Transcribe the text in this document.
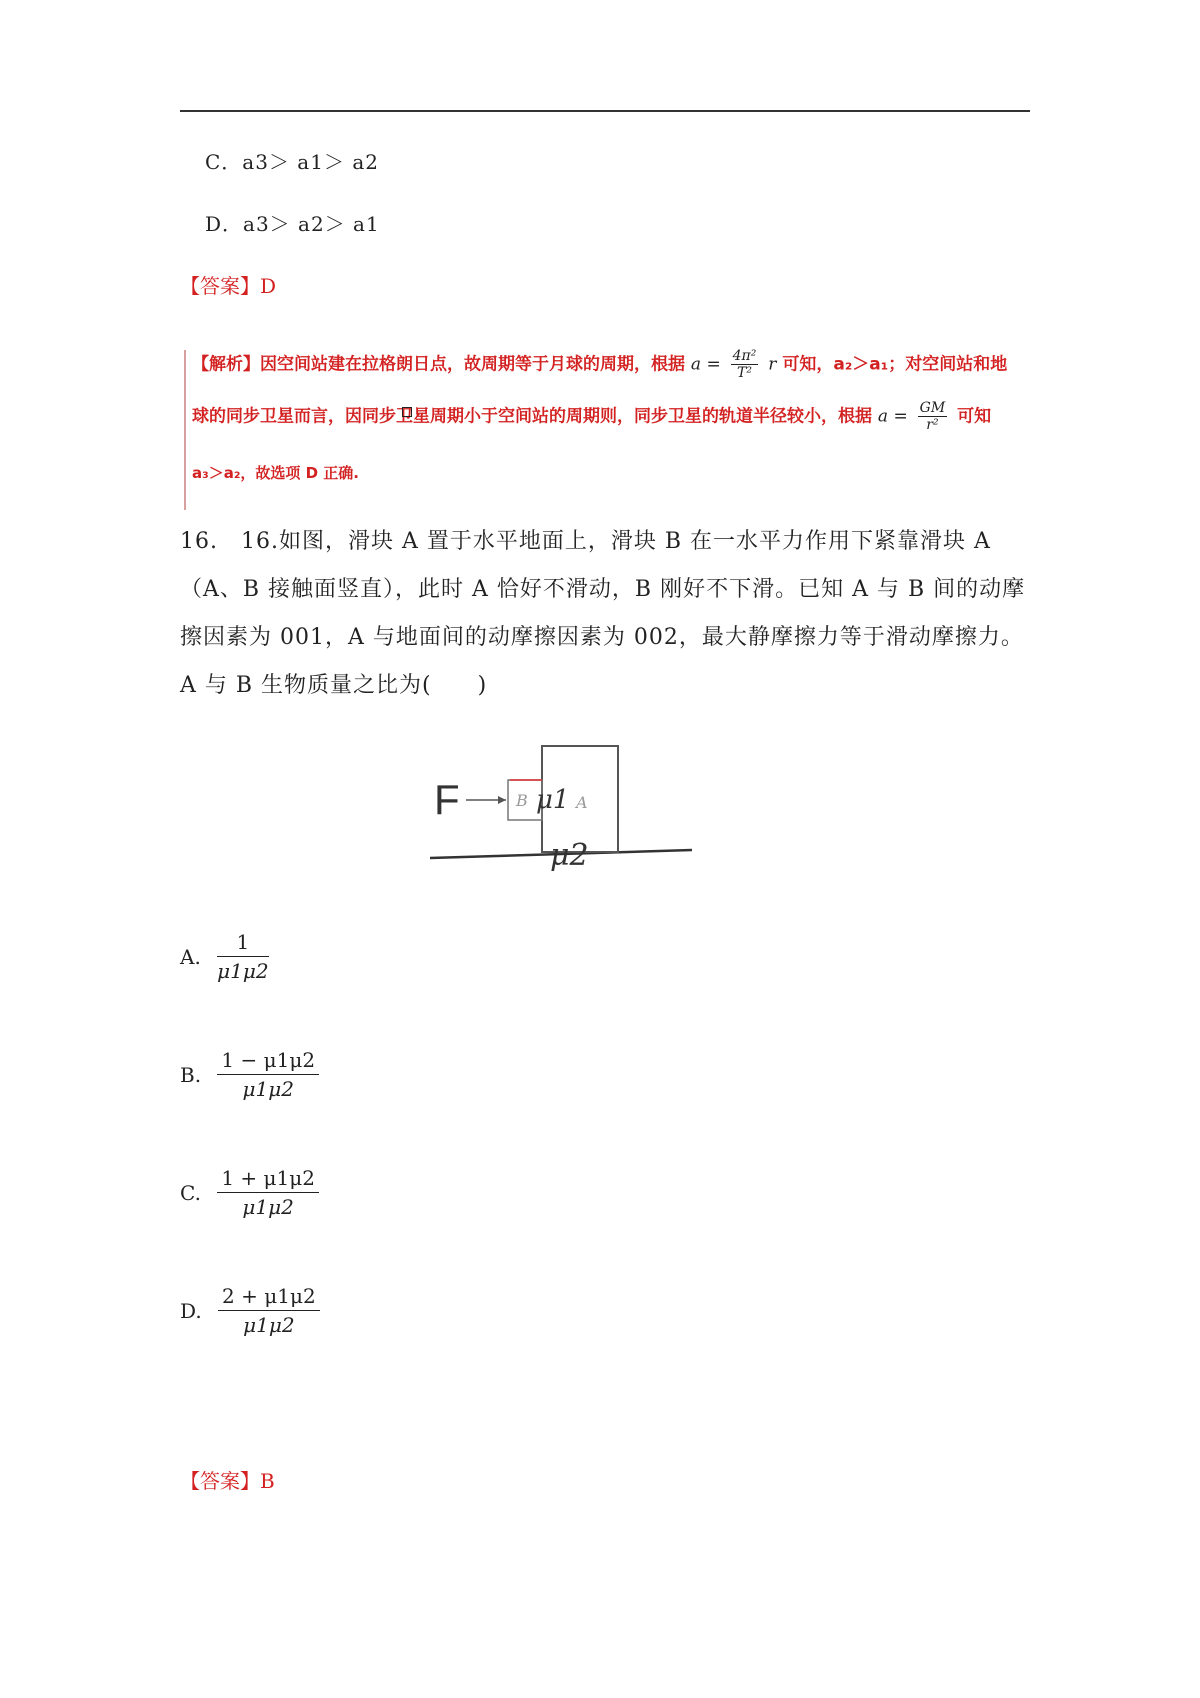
C．a3＞ a1＞ a2
D．a3＞ a2＞ a1
【答案】D
【解析】因空间站建在拉格朗日点，故周期等于月球的周期，根据 $a = \frac{\text{4π²}}{\text{T²}}$ r 可知，a₂＞a₁；对空间站和地
球的同步卫星而言，因同步卫星周期小于空间站的周期则，同步卫星的轨道半径较小，根据 $a = \frac{GM}{\text{r²}}$ 可知
a₃＞a₂，故选项 D 正确.
16.　16.如图，滑块 A 置于水平地面上，滑块 B 在一水平力作用下紧靠滑块 A（A、B 接触面竖直），此时 A 恰好不滑动，B 刚好不下滑。已知 A 与 B 间的动摩擦因素为 001，A 与地面间的动摩擦因素为 002，最大静摩擦力等于滑动摩擦力。A 与 B 生物质量之比为(　　)
F	B μ1 A
μ2
A. $\frac{1}{\mu 1\mu 2}$
B. $\frac{1 - \mu 1\mu 2}{\mu 1\mu 2}$
C. $\frac{1 + \mu 1\mu 2}{\mu 1\mu 2}$
D. $\frac{2 + \mu 1\mu 2}{\mu 1\mu 2}$
【答案】B
